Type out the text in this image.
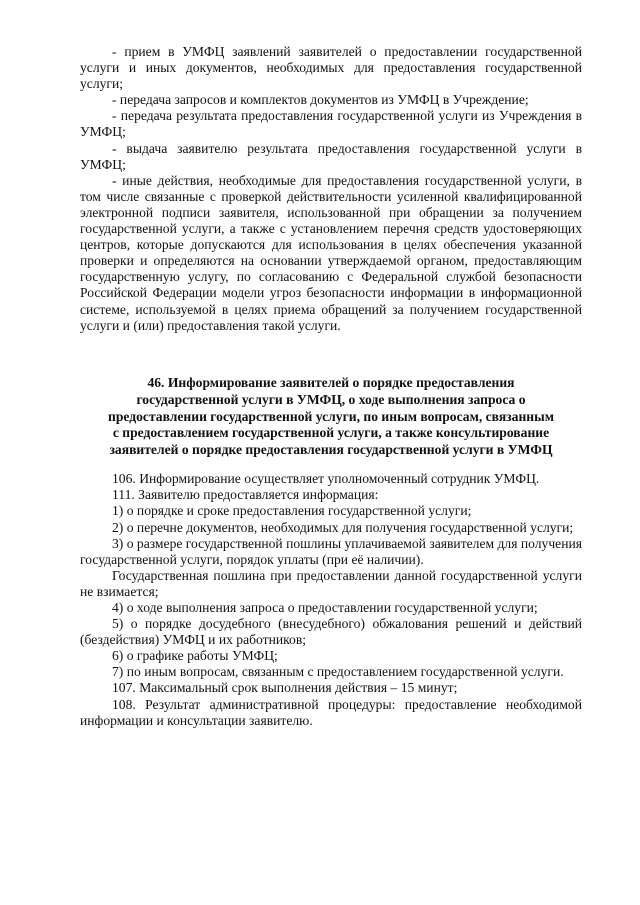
- прием в УМФЦ заявлений заявителей о предоставлении государственной услуги и иных документов, необходимых для предоставления государственной услуги;

- передача запросов и комплектов документов из УМФЦ в Учреждение;

- передача результата предоставления государственной услуги из Учреждения в УМФЦ;

- выдача заявителю результата предоставления государственной услуги в УМФЦ;

- иные действия, необходимые для предоставления государственной услуги, в том числе связанные с проверкой действительности усиленной квалифицированной электронной подписи заявителя, использованной при обращении за получением государственной услуги, а также с установлением перечня средств удостоверяющих центров, которые допускаются для использования в целях обеспечения указанной проверки и определяются на основании утверждаемой органом, предоставляющим государственную услугу, по согласованию с Федеральной службой безопасности Российской Федерации модели угроз безопасности информации в информационной системе, используемой в целях приема обращений за получением государственной услуги и (или) предоставления такой услуги.

46. Информирование заявителей о порядке предоставления государственной услуги в УМФЦ, о ходе выполнения запроса о предоставлении государственной услуги, по иным вопросам, связанным с предоставлением государственной услуги, а также консультирование заявителей о порядке предоставления государственной услуги в УМФЦ

106. Информирование осуществляет уполномоченный сотрудник УМФЦ.

111. Заявителю предоставляется информация:

1) о порядке и сроке предоставления государственной услуги;

2) о перечне документов, необходимых для получения государственной услуги;

3) о размере государственной пошлины уплачиваемой заявителем для получения государственной услуги, порядок уплаты (при её наличии).

Государственная пошлина при предоставлении данной государственной услуги не взимается;

4) о ходе выполнения запроса о предоставлении государственной услуги;

5) о порядке досудебного (внесудебного) обжалования решений и действий (бездействия) УМФЦ и их работников;

6) о графике работы УМФЦ;

7) по иным вопросам, связанным с предоставлением государственной услуги.

107. Максимальный срок выполнения действия – 15 минут;

108. Результат административной процедуры: предоставление необходимой информации и консультации заявителю.
